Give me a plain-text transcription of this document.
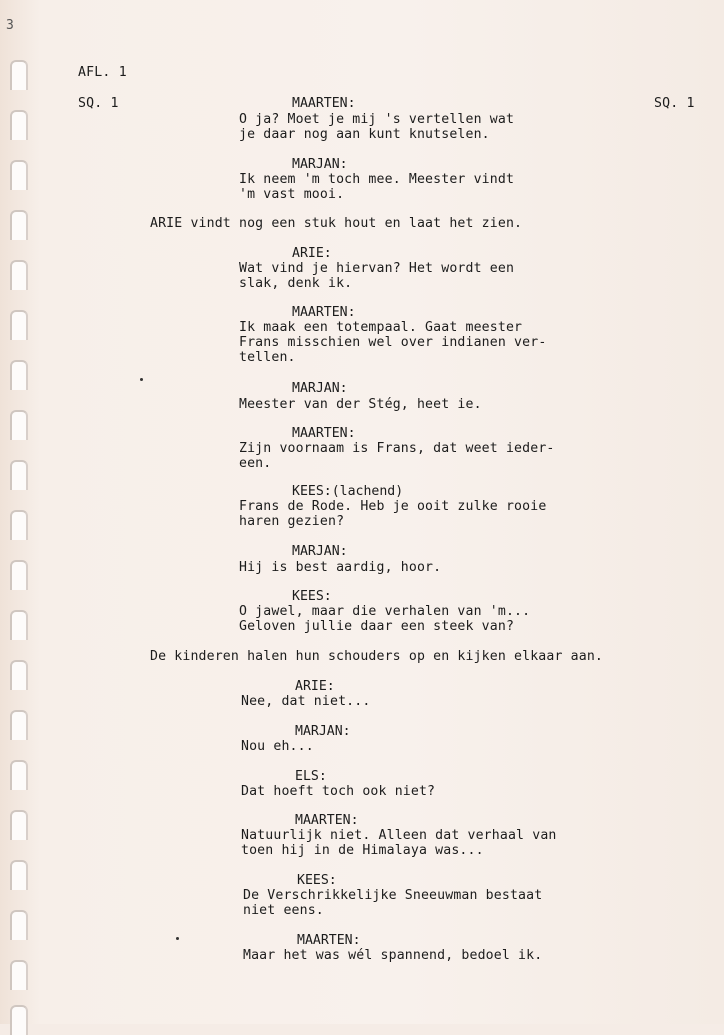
3
AFL. 1
SQ. 1	SQ. 1
MAARTEN:
O ja? Moet je mij 's vertellen wat
je daar nog aan kunt knutselen.
MARJAN:
Ik neem 'm toch mee. Meester vindt
'm vast mooi.
ARIE vindt nog een stuk hout en laat het zien.
ARIE:
Wat vind je hiervan? Het wordt een
slak, denk ik.
MAARTEN:
Ik maak een totempaal. Gaat meester
Frans misschien wel over indianen ver-
tellen.
MARJAN:
Meester van der Stég, heet ie.
MAARTEN:
Zijn voornaam is Frans, dat weet ieder-
een.
KEES:(lachend)
Frans de Rode. Heb je ooit zulke rooie
haren gezien?
MARJAN:
Hij is best aardig, hoor.
KEES:
O jawel, maar die verhalen van 'm...
Geloven jullie daar een steek van?
De kinderen halen hun schouders op en kijken elkaar aan.
ARIE:
Nee, dat niet...
MARJAN:
Nou eh...
ELS:
Dat hoeft toch ook niet?
MAARTEN:
Natuurlijk niet. Alleen dat verhaal van
toen hij in de Himalaya was...
KEES:
De Verschrikkelijke Sneeuwman bestaat
niet eens.
MAARTEN:
Maar het was wél spannend, bedoel ik.
